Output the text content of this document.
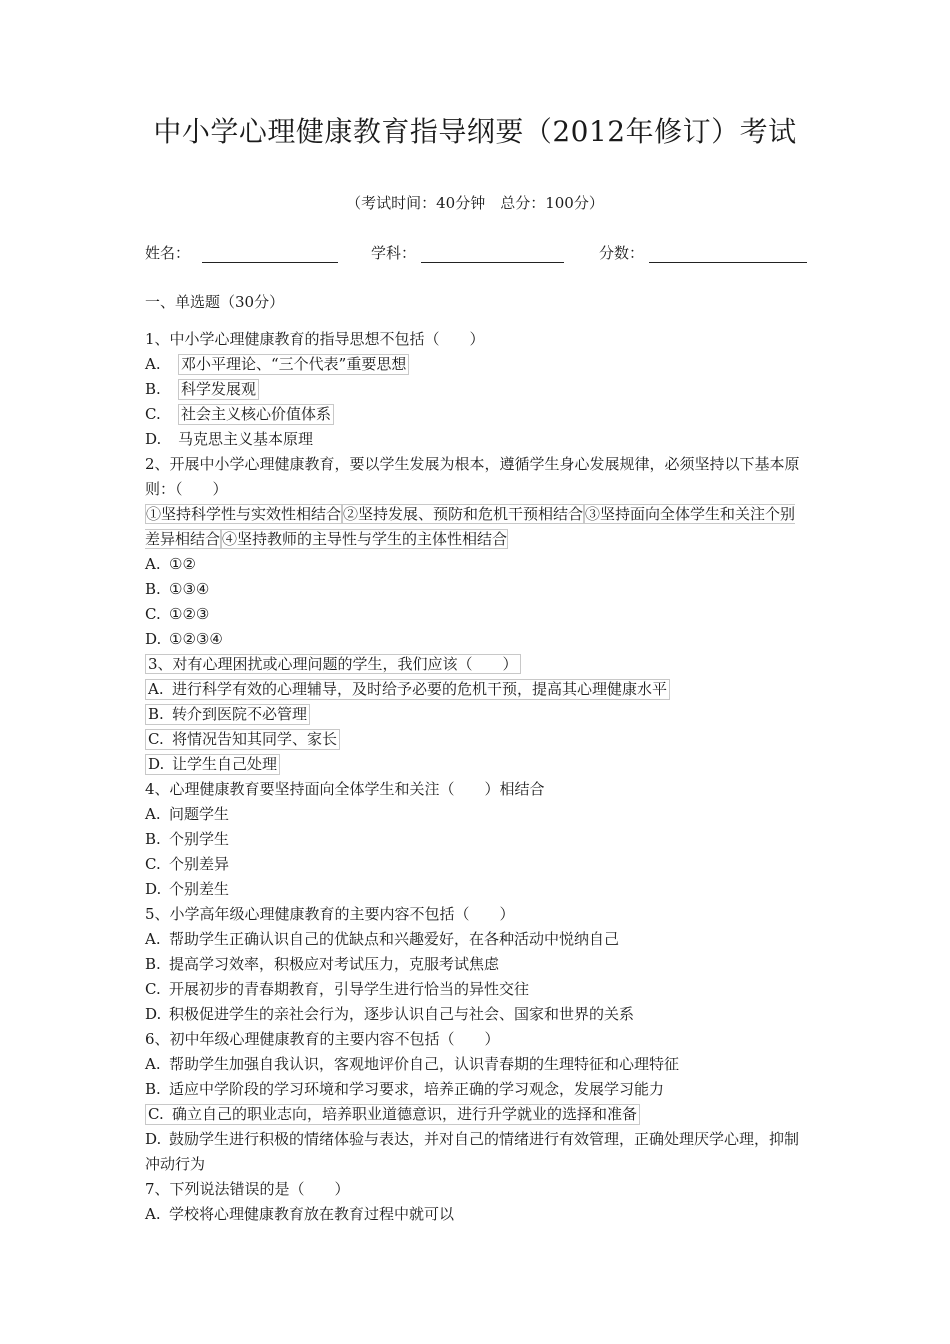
中小学心理健康教育指导纲要（2012年修订）考试
（考试时间：40分钟　总分：100分）
姓名：	学科：	分数：
一、单选题（30分）
1、中小学心理健康教育的指导思想不包括（　　）
A. 邓小平理论、“三个代表”重要思想
B. 科学发展观
C. 社会主义核心价值体系
D. 马克思主义基本原理
2、开展中小学心理健康教育，要以学生发展为根本，遵循学生身心发展规律，必须坚持以下基本原则：（　　）
①坚持科学性与实效性相结合 ②坚持发展、预防和危机干预相结合 ③坚持面向全体学生和关注个别差异相结合 ④坚持教师的主导性与学生的主体性相结合
A. ①②
B. ①③④
C. ①②③
D. ①②③④
3、对有心理困扰或心理问题的学生，我们应该（　　）
A. 进行科学有效的心理辅导，及时给予必要的危机干预，提高其心理健康水平
B. 转介到医院不必管理
C. 将情况告知其同学、家长
D. 让学生自己处理
4、心理健康教育要坚持面向全体学生和关注（　　）相结合
A. 问题学生
B. 个别学生
C. 个别差异
D. 个别差生
5、小学高年级心理健康教育的主要内容不包括（　　）
A. 帮助学生正确认识自己的优缺点和兴趣爱好，在各种活动中悦纳自己
B. 提高学习效率，积极应对考试压力，克服考试焦虑
C. 开展初步的青春期教育，引导学生进行恰当的异性交往
D. 积极促进学生的亲社会行为，逐步认识自己与社会、国家和世界的关系
6、初中年级心理健康教育的主要内容不包括（　　）
A. 帮助学生加强自我认识，客观地评价自己，认识青春期的生理特征和心理特征
B. 适应中学阶段的学习环境和学习要求，培养正确的学习观念，发展学习能力
C. 确立自己的职业志向，培养职业道德意识，进行升学就业的选择和准备
D. 鼓励学生进行积极的情绪体验与表达，并对自己的情绪进行有效管理，正确处理厌学心理，抑制冲动行为
7、下列说法错误的是（　　）
A. 学校将心理健康教育放在教育过程中就可以
